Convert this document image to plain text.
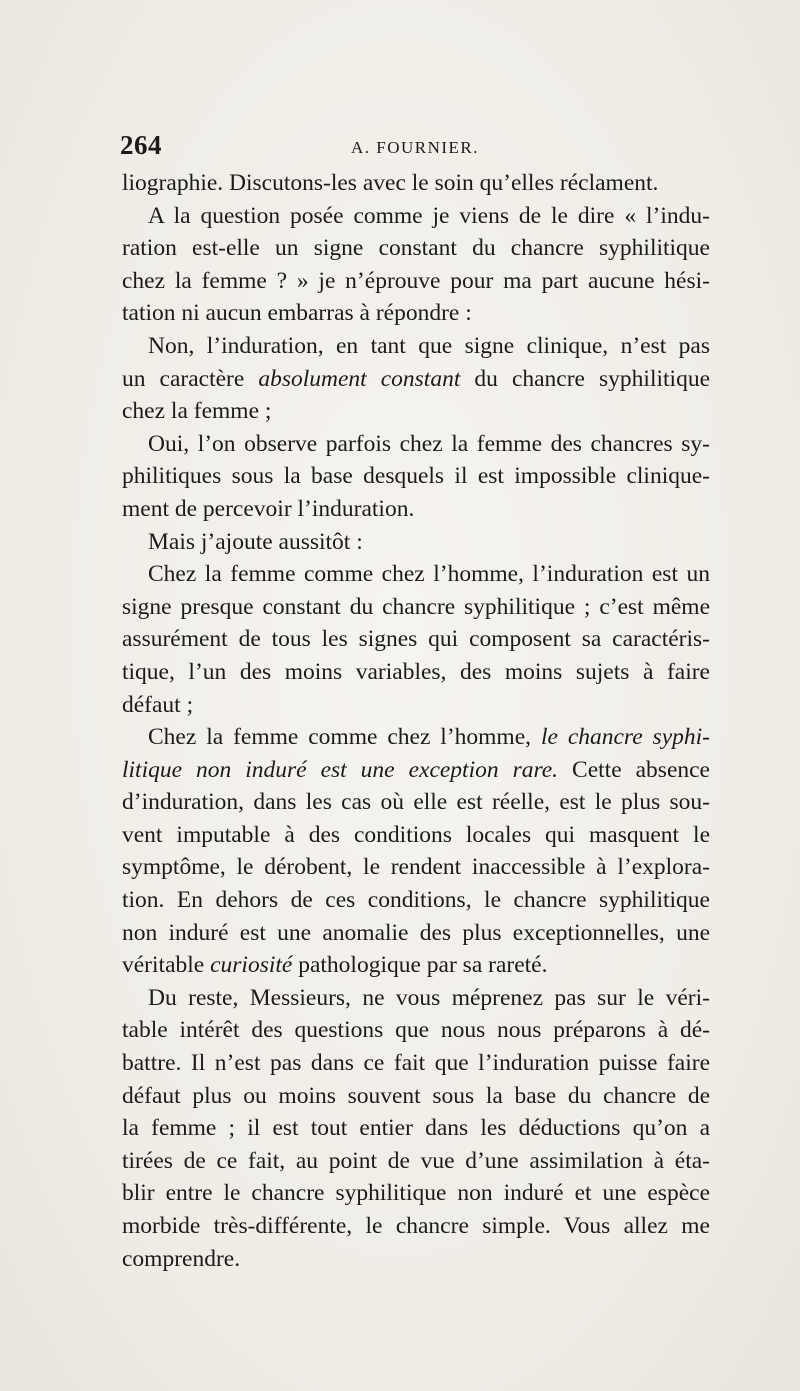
264	A. FOURNIER.
liographie. Discutons-les avec le soin qu’elles réclament.
A la question posée comme je viens de le dire « l’indu-
ration est-elle un signe constant du chancre syphilitique
chez la femme ? » je n’éprouve pour ma part aucune hési-
tation ni aucun embarras à répondre :
Non, l’induration, en tant que signe clinique, n’est pas
un caractère absolument constant du chancre syphilitique
chez la femme ;
Oui, l’on observe parfois chez la femme des chancres sy-
philitiques sous la base desquels il est impossible clinique-
ment de percevoir l’induration.
Mais j’ajoute aussitôt :
Chez la femme comme chez l’homme, l’induration est un
signe presque constant du chancre syphilitique ; c’est même
assurément de tous les signes qui composent sa caractéris-
tique, l’un des moins variables, des moins sujets à faire
défaut ;
Chez la femme comme chez l’homme, le chancre syphi-
litique non induré est une exception rare. Cette absence
d’induration, dans les cas où elle est réelle, est le plus sou-
vent imputable à des conditions locales qui masquent le
symptôme, le dérobent, le rendent inaccessible à l’explora-
tion. En dehors de ces conditions, le chancre syphilitique
non induré est une anomalie des plus exceptionnelles, une
véritable curiosité pathologique par sa rareté.
Du reste, Messieurs, ne vous méprenez pas sur le véri-
table intérêt des questions que nous nous préparons à dé-
battre. Il n’est pas dans ce fait que l’induration puisse faire
défaut plus ou moins souvent sous la base du chancre de
la femme ; il est tout entier dans les déductions qu’on a
tirées de ce fait, au point de vue d’une assimilation à éta-
blir entre le chancre syphilitique non induré et une espèce
morbide très-différente, le chancre simple. Vous allez me
comprendre.
